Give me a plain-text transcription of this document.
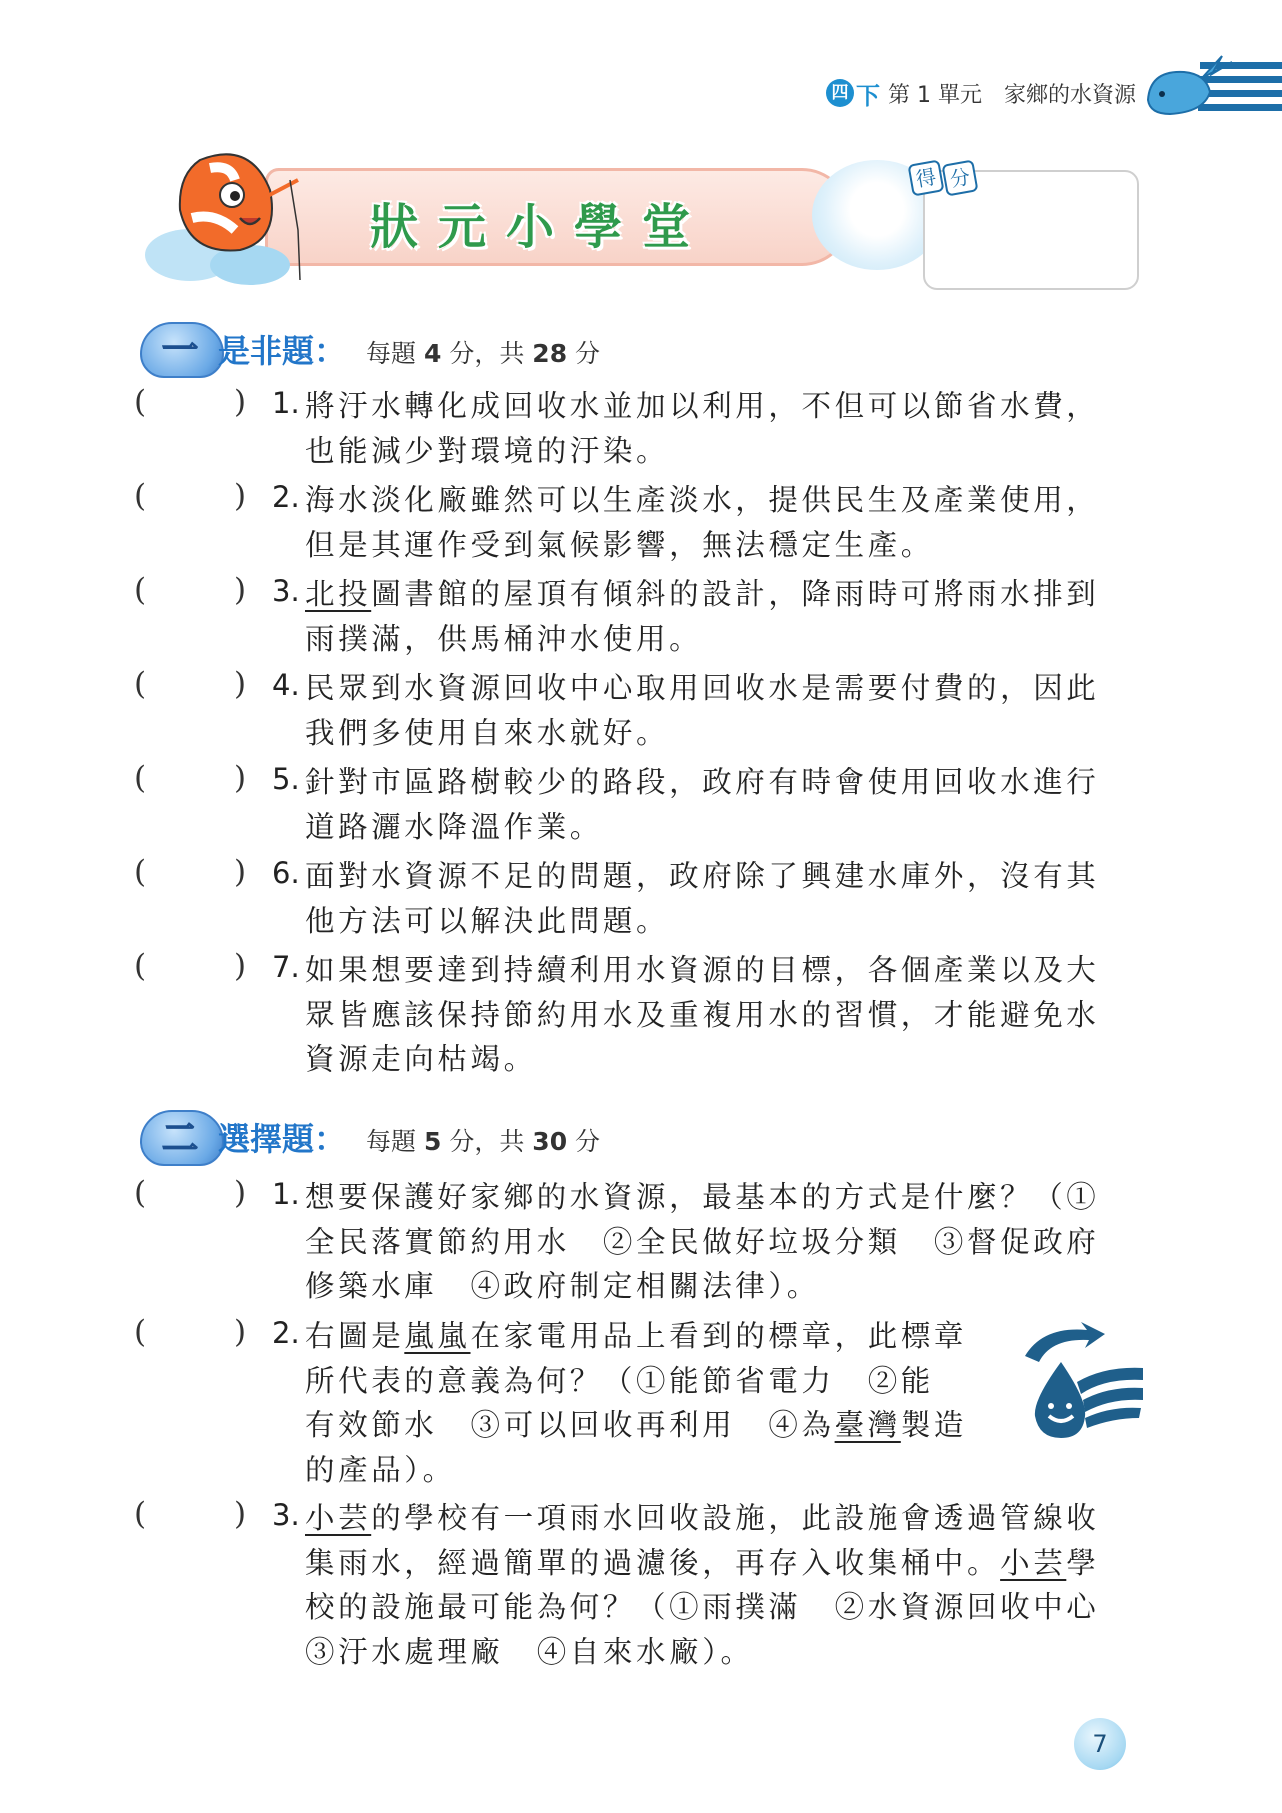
四 下 第 1 單元 家鄉的水資源
狀元小學堂
得 分
一 是非題： 每題 4 分，共 28 分
(	) 1. 將汙水轉化成回收水並加以利用，不但可以節省水費，
也能減少對環境的汙染。
(	) 2. 海水淡化廠雖然可以生產淡水，提供民生及產業使用，
但是其運作受到氣候影響，無法穩定生產。
(	) 3. 北投圖書館的屋頂有傾斜的設計，降雨時可將雨水排到
雨撲滿，供馬桶沖水使用。
(	) 4. 民眾到水資源回收中心取用回收水是需要付費的，因此
我們多使用自來水就好。
(	) 5. 針對市區路樹較少的路段，政府有時會使用回收水進行
道路灑水降溫作業。
(	) 6. 面對水資源不足的問題，政府除了興建水庫外，沒有其
他方法可以解決此問題。
(	) 7. 如果想要達到持續利用水資源的目標，各個產業以及大
眾皆應該保持節約用水及重複用水的習慣，才能避免水
資源走向枯竭。
二 選擇題： 每題 5 分，共 30 分
(	) 1. 想要保護好家鄉的水資源，最基本的方式是什麼？（①
全民落實節約用水　②全民做好垃圾分類　③督促政府
修築水庫　④政府制定相關法律）。
(	) 2. 右圖是嵐嵐在家電用品上看到的標章，此標章
所代表的意義為何？（①能節省電力　②能
有效節水　③可以回收再利用　④為臺灣製造
的產品）。
(	) 3. 小芸的學校有一項雨水回收設施，此設施會透過管線收
集雨水，經過簡單的過濾後，再存入收集桶中。小芸學
校的設施最可能為何？（①雨撲滿　②水資源回收中心
③汙水處理廠　④自來水廠）。
7
